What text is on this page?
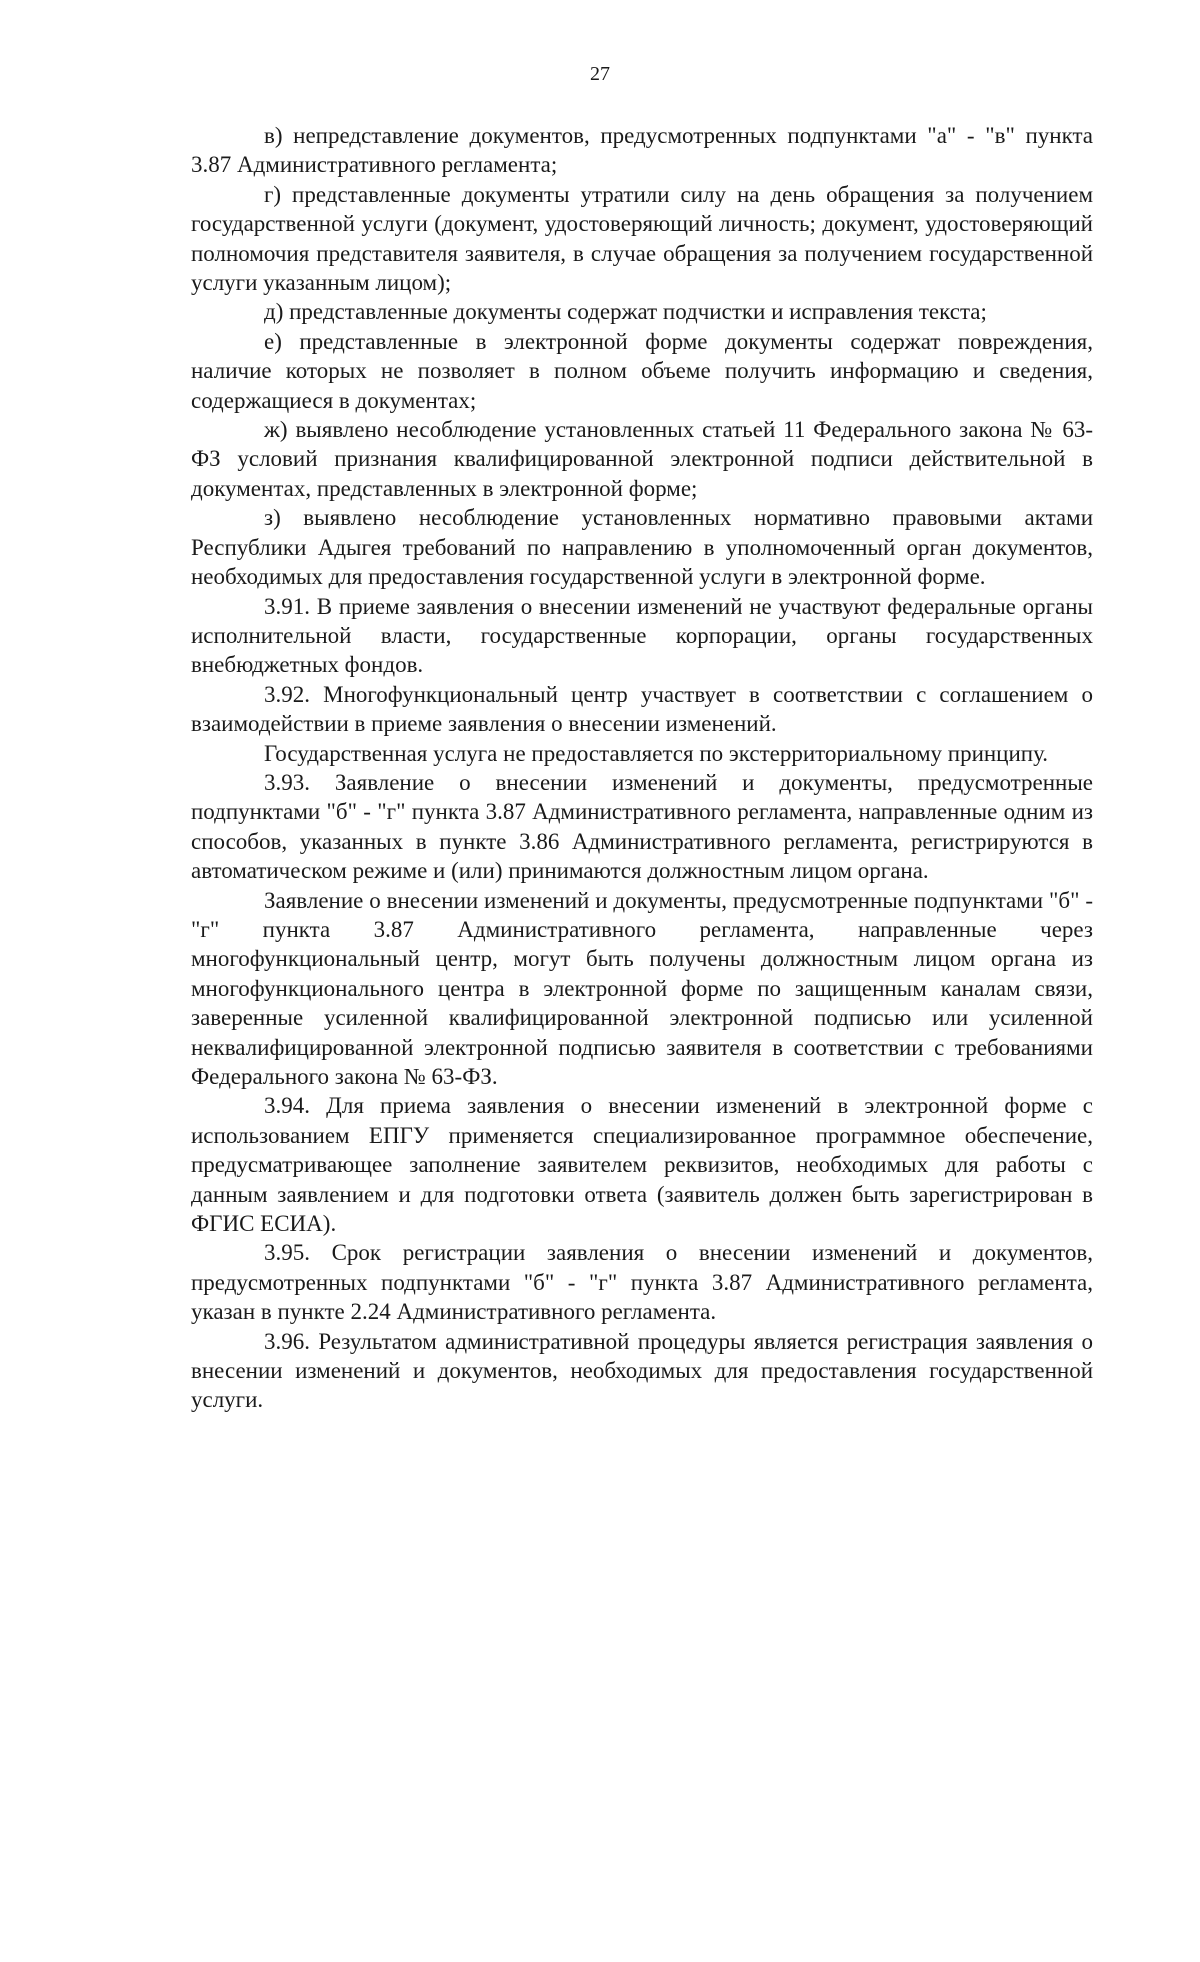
27

в) непредставление документов, предусмотренных подпунктами "а" - "в" пункта 3.87 Административного регламента;

г) представленные документы утратили силу на день обращения за получением государственной услуги (документ, удостоверяющий личность; документ, удостоверяющий полномочия представителя заявителя, в случае обращения за получением государственной услуги указанным лицом);

д) представленные документы содержат подчистки и исправления текста;

е) представленные в электронной форме документы содержат повреждения, наличие которых не позволяет в полном объеме получить информацию и сведения, содержащиеся в документах;

ж) выявлено несоблюдение установленных статьей 11 Федерального закона № 63-ФЗ условий признания квалифицированной электронной подписи действительной в документах, представленных в электронной форме;

з) выявлено несоблюдение установленных нормативно правовыми актами Республики Адыгея требований по направлению в уполномоченный орган документов, необходимых для предоставления государственной услуги в электронной форме.

3.91. В приеме заявления о внесении изменений не участвуют федеральные органы исполнительной власти, государственные корпорации, органы государственных внебюджетных фондов.

3.92. Многофункциональный центр участвует в соответствии с соглашением о взаимодействии в приеме заявления о внесении изменений.

Государственная услуга не предоставляется по экстерриториальному принципу.

3.93. Заявление о внесении изменений и документы, предусмотренные подпунктами "б" - "г" пункта 3.87 Административного регламента, направленные одним из способов, указанных в пункте 3.86 Административного регламента, регистрируются в автоматическом режиме и (или) принимаются должностным лицом органа.

Заявление о внесении изменений и документы, предусмотренные подпунктами "б" - "г" пункта 3.87 Административного регламента, направленные через многофункциональный центр, могут быть получены должностным лицом органа из многофункционального центра в электронной форме по защищенным каналам связи, заверенные усиленной квалифицированной электронной подписью или усиленной неквалифицированной электронной подписью заявителя в соответствии с требованиями Федерального закона № 63-ФЗ.

3.94. Для приема заявления о внесении изменений в электронной форме с использованием ЕПГУ применяется специализированное программное обеспечение, предусматривающее заполнение заявителем реквизитов, необходимых для работы с данным заявлением и для подготовки ответа (заявитель должен быть зарегистрирован в ФГИС ЕСИА).

3.95. Срок регистрации заявления о внесении изменений и документов, предусмотренных подпунктами "б" - "г" пункта 3.87 Административного регламента, указан в пункте 2.24 Административного регламента.

3.96. Результатом административной процедуры является регистрация заявления о внесении изменений и документов, необходимых для предоставления государственной услуги.
